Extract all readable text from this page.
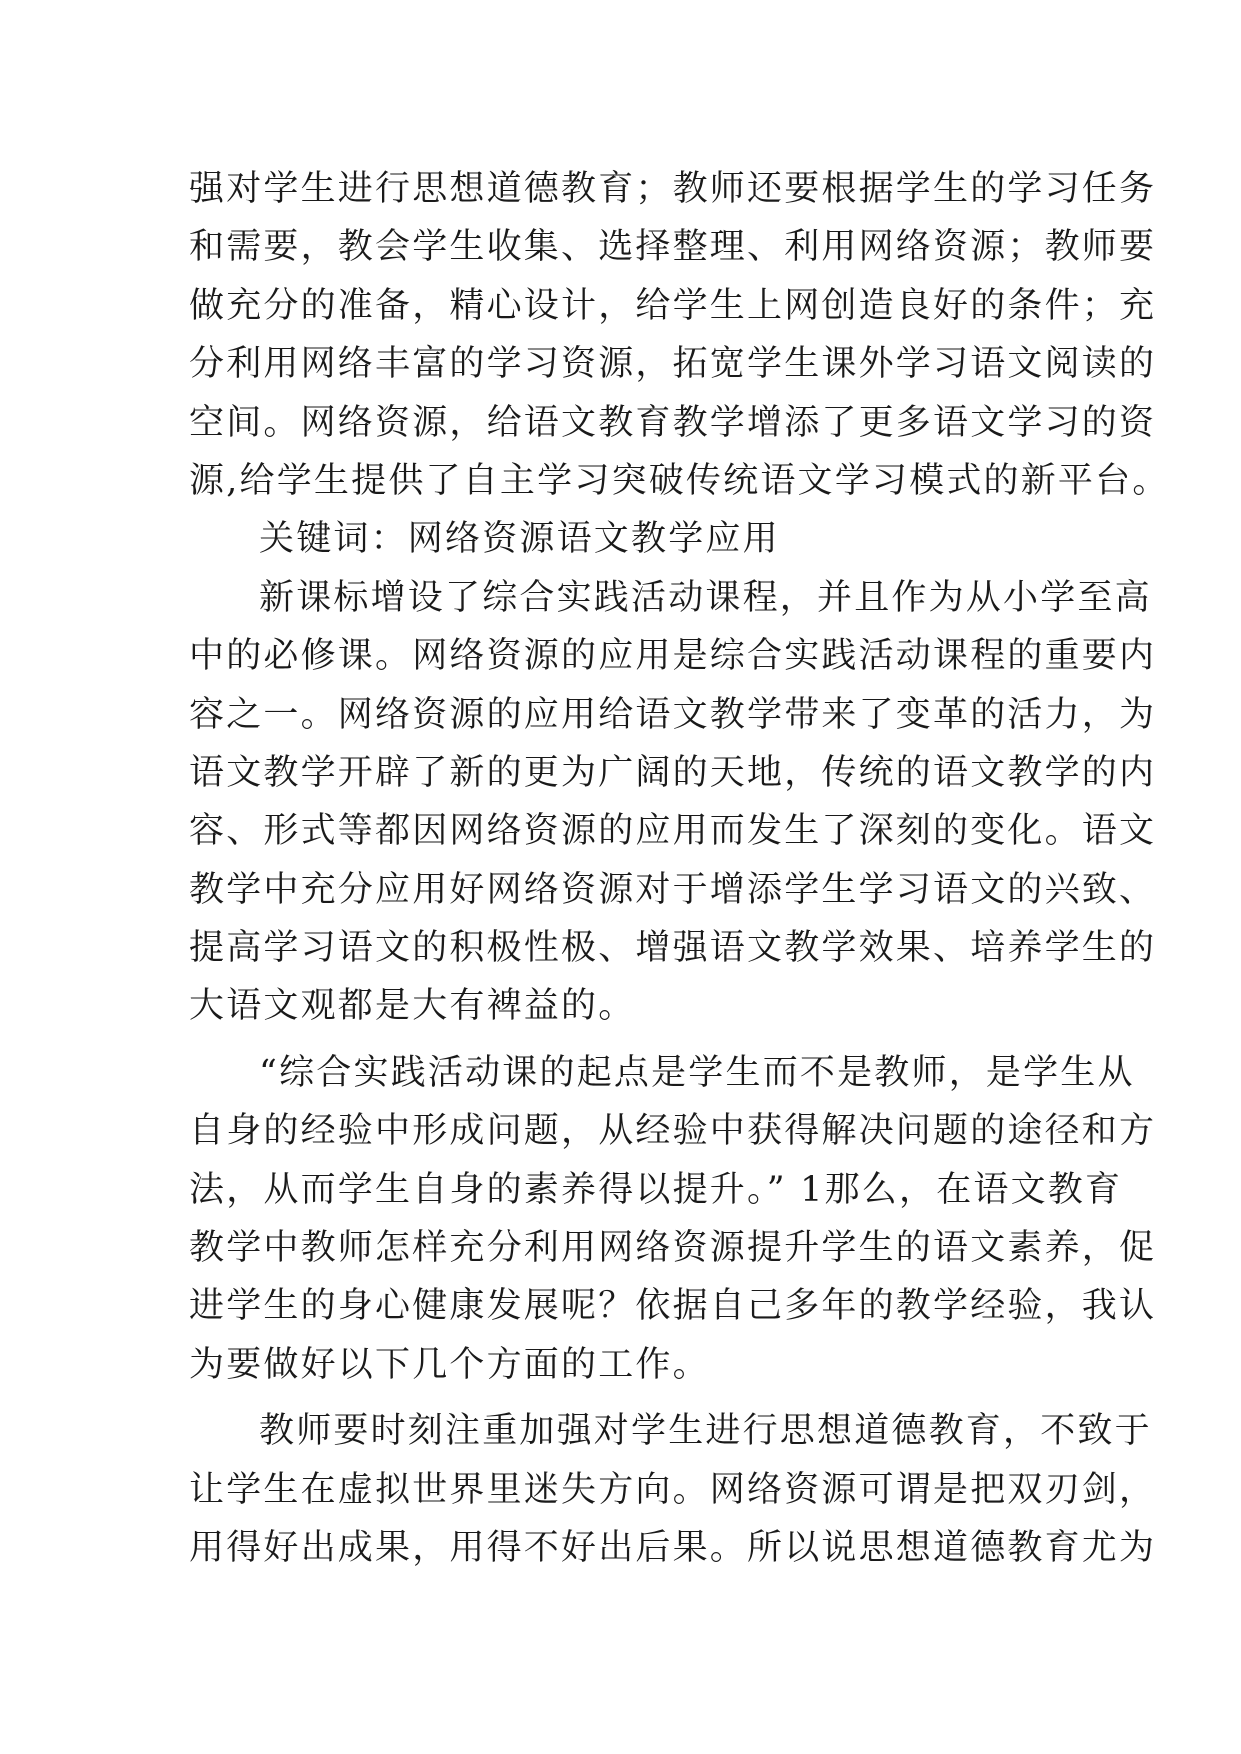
强对学生进行思想道德教育；教师还要根据学生的学习任务
和需要，教会学生收集、选择整理、利用网络资源；教师要
做充分的准备，精心设计，给学生上网创造良好的条件；充
分利用网络丰富的学习资源，拓宽学生课外学习语文阅读的
空间。网络资源，给语文教育教学增添了更多语文学习的资
源,给学生提供了自主学习突破传统语文学习模式的新平台。
关键词：网络资源语文教学应用
新课标增设了综合实践活动课程，并且作为从小学至高
中的必修课。网络资源的应用是综合实践活动课程的重要内
容之一。网络资源的应用给语文教学带来了变革的活力，为
语文教学开辟了新的更为广阔的天地，传统的语文教学的内
容、形式等都因网络资源的应用而发生了深刻的变化。语文
教学中充分应用好网络资源对于增添学生学习语文的兴致、
提高学习语文的积极性极、增强语文教学效果、培养学生的
大语文观都是大有裨益的。
“综合实践活动课的起点是学生而不是教师，是学生从
自身的经验中形成问题，从经验中获得解决问题的途径和方
法，从而学生自身的素养得以提升。” 1那么，在语文教育
教学中教师怎样充分利用网络资源提升学生的语文素养，促
进学生的身心健康发展呢？依据自己多年的教学经验，我认
为要做好以下几个方面的工作。
教师要时刻注重加强对学生进行思想道德教育，不致于
让学生在虚拟世界里迷失方向。网络资源可谓是把双刃剑，
用得好出成果，用得不好出后果。所以说思想道德教育尤为
